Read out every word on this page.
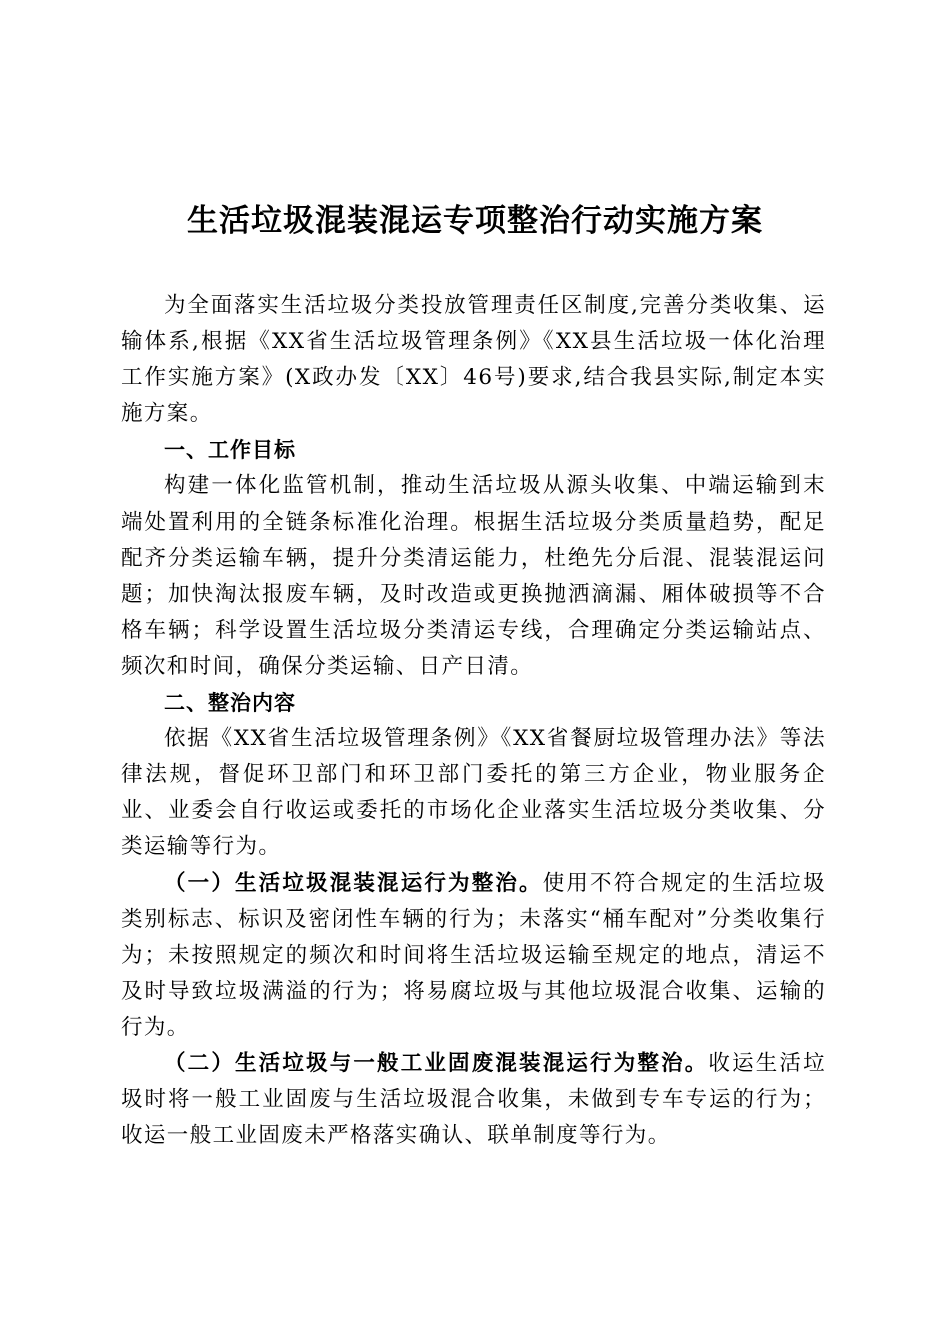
生活垃圾混装混运专项整治行动实施方案

为全面落实生活垃圾分类投放管理责任区制度,完善分类收集、运输体系,根据《XX省生活垃圾管理条例》《XX县生活垃圾一体化治理工作实施方案》(X政办发〔XX〕46号)要求,结合我县实际,制定本实施方案。

一、工作目标

构建一体化监管机制，推动生活垃圾从源头收集、中端运输到末端处置利用的全链条标准化治理。根据生活垃圾分类质量趋势，配足配齐分类运输车辆，提升分类清运能力，杜绝先分后混、混装混运问题；加快淘汰报废车辆，及时改造或更换抛洒滴漏、厢体破损等不合格车辆；科学设置生活垃圾分类清运专线，合理确定分类运输站点、频次和时间，确保分类运输、日产日清。

二、整治内容

依据《XX省生活垃圾管理条例》《XX省餐厨垃圾管理办法》等法律法规，督促环卫部门和环卫部门委托的第三方企业，物业服务企业、业委会自行收运或委托的市场化企业落实生活垃圾分类收集、分类运输等行为。

（一）生活垃圾混装混运行为整治。使用不符合规定的生活垃圾类别标志、标识及密闭性车辆的行为；未落实“桶车配对”分类收集行为；未按照规定的频次和时间将生活垃圾运输至规定的地点，清运不及时导致垃圾满溢的行为；将易腐垃圾与其他垃圾混合收集、运输的行为。

（二）生活垃圾与一般工业固废混装混运行为整治。收运生活垃圾时将一般工业固废与生活垃圾混合收集，未做到专车专运的行为；收运一般工业固废未严格落实确认、联单制度等行为。
